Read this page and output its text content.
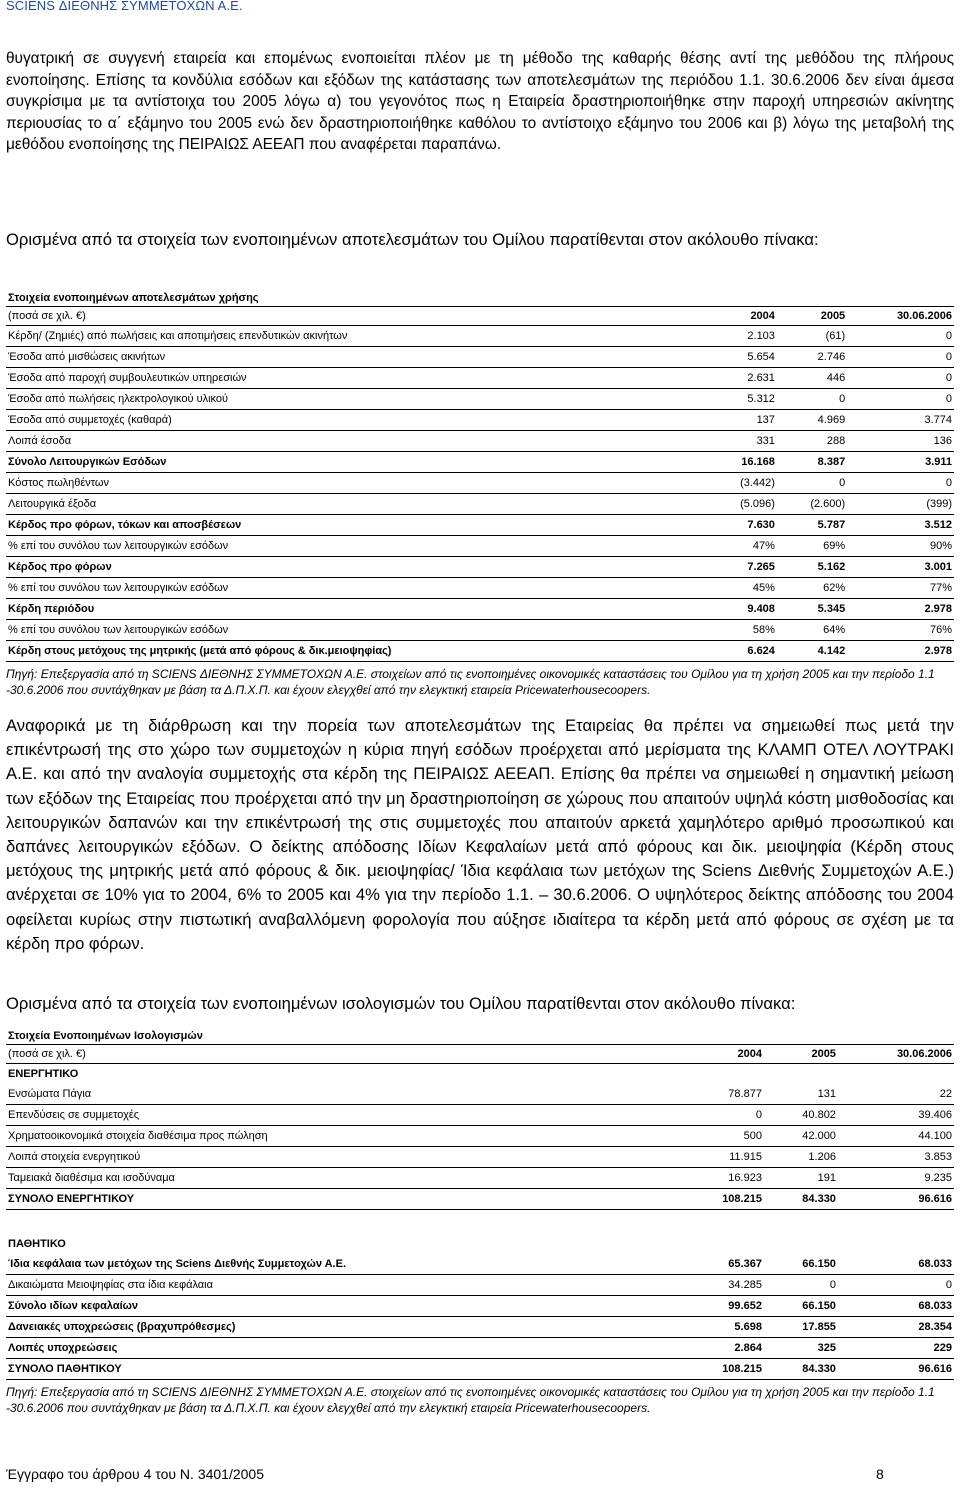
SCIENS ΔΙΕΘΝΗΣ ΣΥΜΜΕΤΟΧΩΝ Α.Ε.
θυγατρική σε συγγενή εταιρεία και επομένως ενοποιείται πλέον με τη μέθοδο της καθαρής θέσης αντί της μεθόδου της πλήρους ενοποίησης. Επίσης τα κονδύλια εσόδων και εξόδων της κατάστασης των αποτελεσμάτων της περιόδου 1.1. 30.6.2006 δεν είναι άμεσα συγκρίσιμα με τα αντίστοιχα του 2005 λόγω α) του γεγονότος πως η Εταιρεία δραστηριοποιήθηκε στην παροχή υπηρεσιών ακίνητης περιουσίας το α΄ εξάμηνο του 2005 ενώ δεν δραστηριοποιήθηκε καθόλου το αντίστοιχο εξάμηνο του 2006 και β) λόγω της μεταβολή της μεθόδου ενοποίησης της ΠΕΙΡΑΙΩΣ ΑΕΕΑΠ που αναφέρεται παραπάνω.
Ορισμένα από τα στοιχεία των ενοποιημένων αποτελεσμάτων του Ομίλου παρατίθενται στον ακόλουθο πίνακα:
Στοιχεία ενοποιημένων αποτελεσμάτων χρήσης			
(ποσά σε χιλ. €)	2004	2005	30.06.2006
Κέρδη/ (Ζημιές) από πωλήσεις και αποτιμήσεις επενδυτικών ακινήτων	2.103	(61)	0
Έσοδα από μισθώσεις ακινήτων	5.654	2.746	0
Έσοδα από παροχή συμβουλευτικών υπηρεσιών	2.631	446	0
Έσοδα από πωλήσεις ηλεκτρολογικού υλικού	5.312	0	0
Έσοδα από συμμετοχές (καθαρά)	137	4.969	3.774
Λοιπά έσοδα	331	288	136
Σύνολο Λειτουργικών Εσόδων	16.168	8.387	3.911
Κόστος πωληθέντων	(3.442)	0	0
Λειτουργικά έξοδα	(5.096)	(2.600)	(399)
Κέρδος προ φόρων, τόκων και αποσβέσεων	7.630	5.787	3.512
% επί του συνόλου των λειτουργικών εσόδων	47%	69%	90%
Κέρδος προ φόρων	7.265	5.162	3.001
% επί του συνόλου των λειτουργικών εσόδων	45%	62%	77%
Κέρδη περιόδου	9.408	5.345	2.978
% επί του συνόλου των λειτουργικών εσόδων	58%	64%	76%
Κέρδη στους μετόχους της μητρικής (μετά από φόρους & δικ.μειοψηφίας)	6.624	4.142	2.978
Πηγή: Επεξεργασία από τη SCIENS ΔΙΕΘΝΗΣ ΣΥΜΜΕΤΟΧΩΝ Α.Ε. στοιχείων από τις ενοποιημένες οικονομικές καταστάσεις του Ομίλου για τη χρήση 2005 και την περίοδο 1.1 -30.6.2006 που συντάχθηκαν με βάση τα Δ.Π.Χ.Π. και έχουν ελεγχθεί από την ελεγκτική εταιρεία Pricewaterhousecoopers.
Αναφορικά με τη διάρθρωση και την πορεία των αποτελεσμάτων της Εταιρείας θα πρέπει να σημειωθεί πως μετά την επικέντρωσή της στο χώρο των συμμετοχών η κύρια πηγή εσόδων προέρχεται από μερίσματα της ΚΛΑΜΠ ΟΤΕΛ ΛΟΥΤΡΑΚΙ Α.Ε. και από την αναλογία συμμετοχής στα κέρδη της ΠΕΙΡΑΙΩΣ ΑΕΕΑΠ. Επίσης θα πρέπει να σημειωθεί η σημαντική μείωση των εξόδων της Εταιρείας που προέρχεται από την μη δραστηριοποίηση σε χώρους που απαιτούν υψηλά κόστη μισθοδοσίας και λειτουργικών δαπανών και την επικέντρωσή της στις συμμετοχές που απαιτούν αρκετά χαμηλότερο αριθμό προσωπικού και δαπάνες λειτουργικών εξόδων. Ο δείκτης απόδοσης Ιδίων Κεφαλαίων μετά από φόρους και δικ. μειοψηφία (Κέρδη στους μετόχους της μητρικής μετά από φόρους & δικ. μειοψηφίας/ Ίδια κεφάλαια των μετόχων της Sciens Διεθνής Συμμετοχών Α.Ε.) ανέρχεται σε 10% για το 2004, 6% το 2005 και 4% για την περίοδο 1.1. – 30.6.2006. Ο υψηλότερος δείκτης απόδοσης του 2004 οφείλεται κυρίως στην πιστωτική αναβαλλόμενη φορολογία που αύξησε ιδιαίτερα τα κέρδη μετά από φόρους σε σχέση με τα κέρδη προ φόρων.
Ορισμένα από τα στοιχεία των ενοποιημένων ισολογισμών του Ομίλου παρατίθενται στον ακόλουθο πίνακα:
Στοιχεία Ενοποιημένων Ισολογισμών			
(ποσά σε χιλ. €)	2004	2005	30.06.2006
ΕΝΕΡΓΗΤΙΚΟ			
Ενσώματα Πάγια	78.877	131	22
Επενδύσεις σε συμμετοχές	0	40.802	39.406
Χρηματοοικονομικά στοιχεία διαθέσιμα προς πώληση	500	42.000	44.100
Λοιπά στοιχεία ενεργητικού	11.915	1.206	3.853
Ταμειακά διαθέσιμα και ισοδύναμα	16.923	191	9.235
ΣΥΝΟΛΟ ΕΝΕΡΓΗΤΙΚΟΥ	108.215	84.330	96.616

ΠΑΘΗΤΙΚΟ			
Ίδια κεφάλαια των μετόχων της Sciens Διεθνής Συμμετοχών Α.Ε.	65.367	66.150	68.033
Δικαιώματα Μειοψηφίας στα ίδια κεφάλαια	34.285	0	0
Σύνολο ιδίων κεφαλαίων	99.652	66.150	68.033
Δανειακές υποχρεώσεις (βραχυπρόθεσμες)	5.698	17.855	28.354
Λοιπές υποχρεώσεις	2.864	325	229
ΣΥΝΟΛΟ ΠΑΘΗΤΙΚΟΥ	108.215	84.330	96.616
Πηγή: Επεξεργασία από τη SCIENS ΔΙΕΘΝΗΣ ΣΥΜΜΕΤΟΧΩΝ Α.Ε. στοιχείων από τις ενοποιημένες οικονομικές καταστάσεις του Ομίλου για τη χρήση 2005 και την περίοδο 1.1 -30.6.2006 που συντάχθηκαν με βάση τα Δ.Π.Χ.Π. και έχουν ελεγχθεί από την ελεγκτική εταιρεία Pricewaterhousecoopers.
Έγγραφο του άρθρου 4 του Ν. 3401/2005	8
